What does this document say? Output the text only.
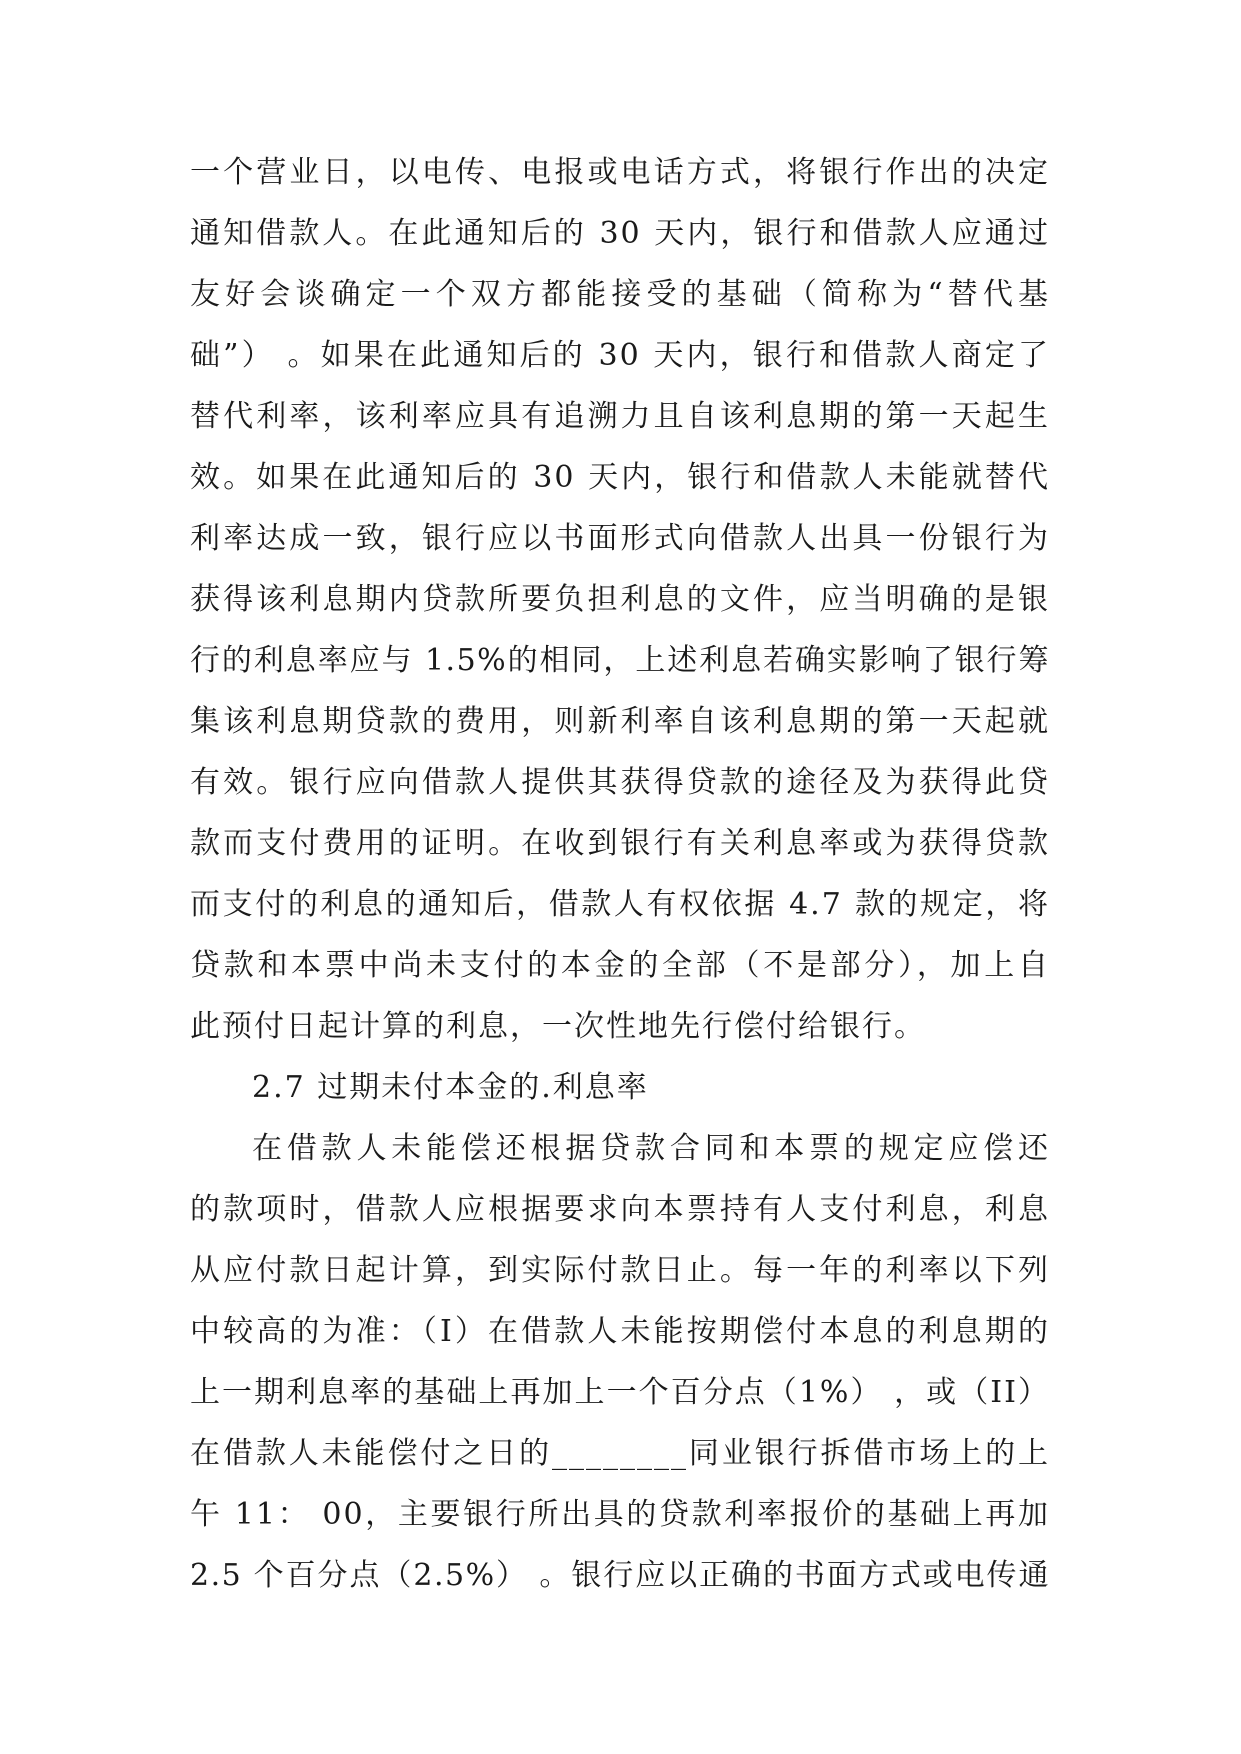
一个营业日，以电传、电报或电话方式，将银行作出的决定
通知借款人。在此通知后的 30 天内，银行和借款人应通过
友好会谈确定一个双方都能接受的基础（简称为“替代基
础”） 。如果在此通知后的 30 天内，银行和借款人商定了
替代利率，该利率应具有追溯力且自该利息期的第一天起生
效。如果在此通知后的 30 天内，银行和借款人未能就替代
利率达成一致，银行应以书面形式向借款人出具一份银行为
获得该利息期内贷款所要负担利息的文件，应当明确的是银
行的利息率应与 1.5%的相同，上述利息若确实影响了银行筹
集该利息期贷款的费用，则新利率自该利息期的第一天起就
有效。银行应向借款人提供其获得贷款的途径及为获得此贷
款而支付费用的证明。在收到银行有关利息率或为获得贷款
而支付的利息的通知后，借款人有权依据 4.7 款的规定，将
贷款和本票中尚未支付的本金的全部（不是部分），加上自
此预付日起计算的利息，一次性地先行偿付给银行。
2.7 过期未付本金的.利息率
在借款人未能偿还根据贷款合同和本票的规定应偿还
的款项时，借款人应根据要求向本票持有人支付利息，利息
从应付款日起计算，到实际付款日止。每一年的利率以下列
中较高的为准：（I）在借款人未能按期偿付本息的利息期的
上一期利息率的基础上再加上一个百分点（1%） ，或（II）
在借款人未能偿付之日的________同业银行拆借市场上的上
午 11： 00，主要银行所出具的贷款利率报价的基础上再加
2.5 个百分点（2.5%） 。银行应以正确的书面方式或电传通
